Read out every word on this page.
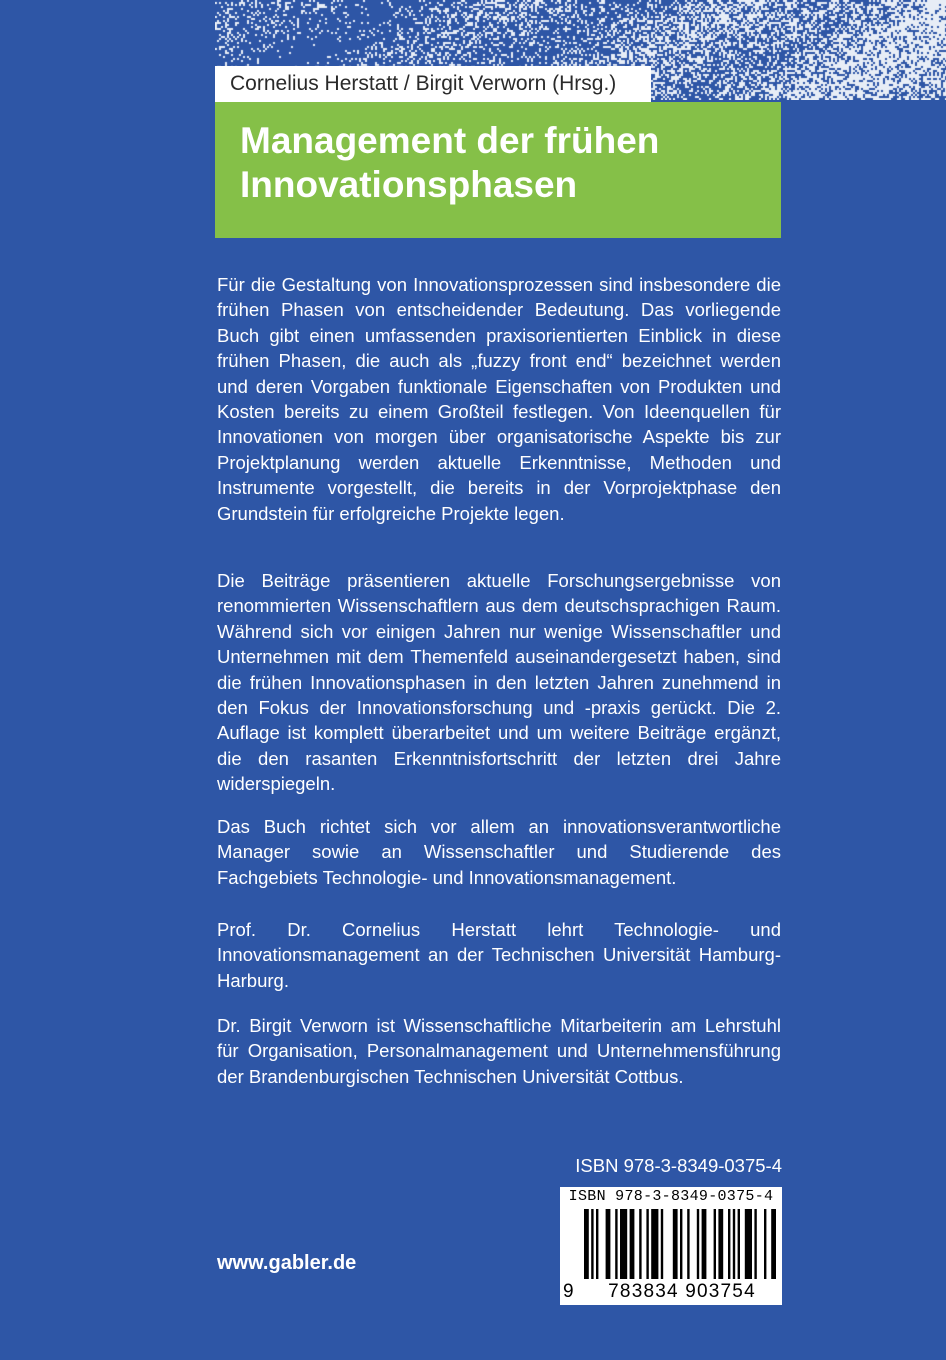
Cornelius Herstatt / Birgit Verworn (Hrsg.)
Management der frühen
Innovationsphasen

Für die Gestaltung von Innovationsprozessen sind insbesondere die frühen Phasen von entscheidender Bedeutung. Das vorliegende Buch gibt einen umfassenden praxisorientierten Einblick in diese frühen Phasen, die auch als „fuzzy front end“ bezeichnet werden und deren Vorgaben funktionale Eigenschaften von Produkten und Kosten bereits zu einem Großteil festlegen. Von Ideenquellen für Innovationen von morgen über organisatorische Aspekte bis zur Projektplanung werden aktuelle Erkenntnisse, Methoden und Instrumente vorgestellt, die bereits in der Vorprojektphase den Grundstein für erfolgreiche Projekte legen.

Die Beiträge präsentieren aktuelle Forschungsergebnisse von renommierten Wissenschaftlern aus dem deutschsprachigen Raum. Während sich vor einigen Jahren nur wenige Wissenschaftler und Unternehmen mit dem Themenfeld auseinandergesetzt haben, sind die frühen Innovationsphasen in den letzten Jahren zunehmend in den Fokus der Innovationsforschung und -praxis gerückt. Die 2. Auflage ist komplett überarbeitet und um weitere Beiträge ergänzt, die den rasanten Erkenntnisfortschritt der letzten drei Jahre widerspiegeln.

Das Buch richtet sich vor allem an innovationsverantwortliche Manager sowie an Wissenschaftler und Studierende des Fachgebiets Technologie- und Innovationsmanagement.

Prof. Dr. Cornelius Herstatt lehrt Technologie- und Innovationsmanagement an der Technischen Universität Hamburg-Harburg.

Dr. Birgit Verworn ist Wissenschaftliche Mitarbeiterin am Lehrstuhl für Organisation, Personalmanagement und Unternehmensführung der Brandenburgischen Technischen Universität Cottbus.

ISBN 978-3-8349-0375-4
ISBN 978-3-8349-0375-4
9	783834 903754
www.gabler.de
